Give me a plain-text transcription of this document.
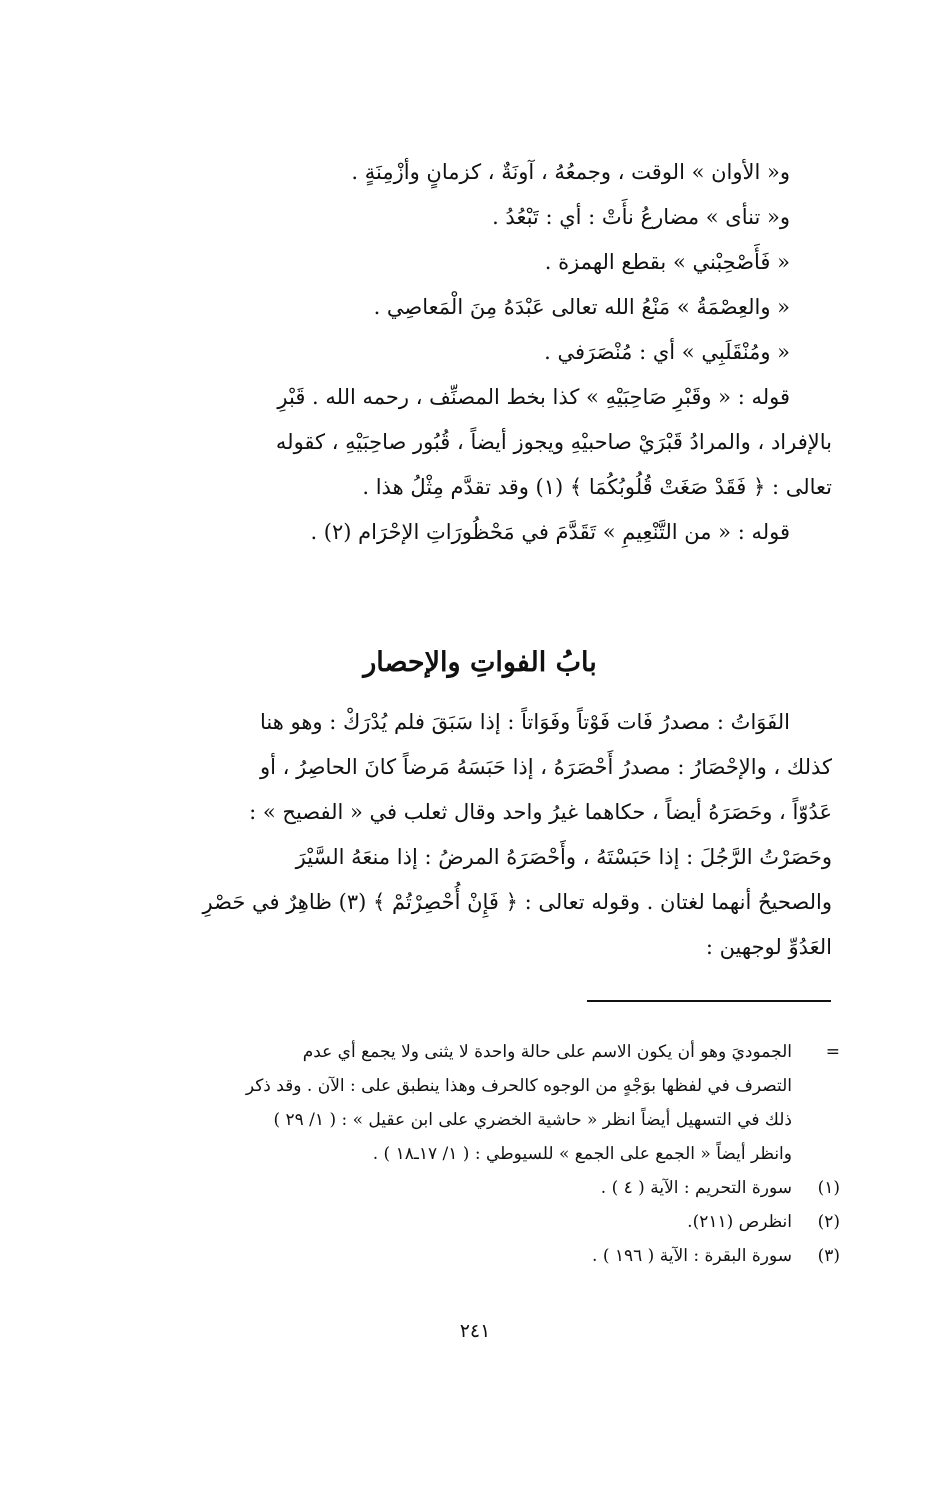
و« الأوان » الوقت ، وجمعُهُ ، آونَةٌ ، كزمانٍ وأزْمِنَةٍ .
و« تنأى » مضارعُ نأَتْ : أي : تَبْعُدُ .
« فَأَصْحِبْني » بقطع الهمزة .
« والعِصْمَةُ » مَنْعُ الله تعالى عَبْدَهُ مِنَ الْمَعاصِي .
« ومُنْقَلَبِي » أي : مُنْصَرَفي .
قوله : « وقَبْرِ صَاحِبَيْهِ » كذا بخط المصنِّف ، رحمه الله . قَبْرِ
بالإفراد ، والمرادُ قَبْرَيْ صاحبيْهِ ويجوز أيضاً ، قُبُور صاحِبَيْهِ ، كقوله
تعالى : ﴿ فَقَدْ صَغَتْ قُلُوبُكُمَا ﴾ (١) وقد تقدَّم مِثْلُ هذا .
قوله : « من التَّنْعِيمِ » تَقَدَّمَ في مَحْظُورَاتِ الإحْرَام (٢) .
بابُ الفواتِ والإحصار
الفَوَاتُ : مصدرُ فَات فَوْتاً وفَوَاتاً : إذا سَبَقَ فلم يُدْرَكْ : وهو هنا
كذلك ، والإحْصَارُ : مصدرُ أَحْصَرَهُ ، إذا حَبَسَهُ مَرضاً كانَ الحاصِرُ ، أو
عَدُوّاً ، وحَصَرَهُ أيضاً ، حكاهما غيرُ واحد وقال ثعلب في « الفصيح » :
وحَصَرْتُ الرَّجُلَ : إذا حَبَسْتَهُ ، وأَحْصَرَهُ المرضُ : إذا منعَهُ السَّيْرَ
والصحيحُ أنهما لغتان . وقوله تعالى : ﴿ فَإِنْ أُحْصِرْتُمْ ﴾ (٣) ظاهِرٌ في حَصْرِ
العَدُوِّ لوجهين :
=
الجموديَ وهو أن يكون الاسم على حالة واحدة لا يثنى ولا يجمع أي عدم
التصرف في لفظها بوَجْهٍ من الوجوه كالحرف وهذا ينطبق على : الآن . وقد ذكر
ذلك في التسهيل أيضاً انظر « حاشية الخضري على ابن عقيل » : ( ١/ ٢٩ )
وانظر أيضاً « الجمع على الجمع » للسيوطي : ( ١/ ١٧ـ١٨ ) .
(١)
سورة التحريم : الآية ( ٤ ) .
(٢)
انظرص (٢١١).
(٣)
سورة البقرة : الآية ( ١٩٦ ) .
٢٤١
